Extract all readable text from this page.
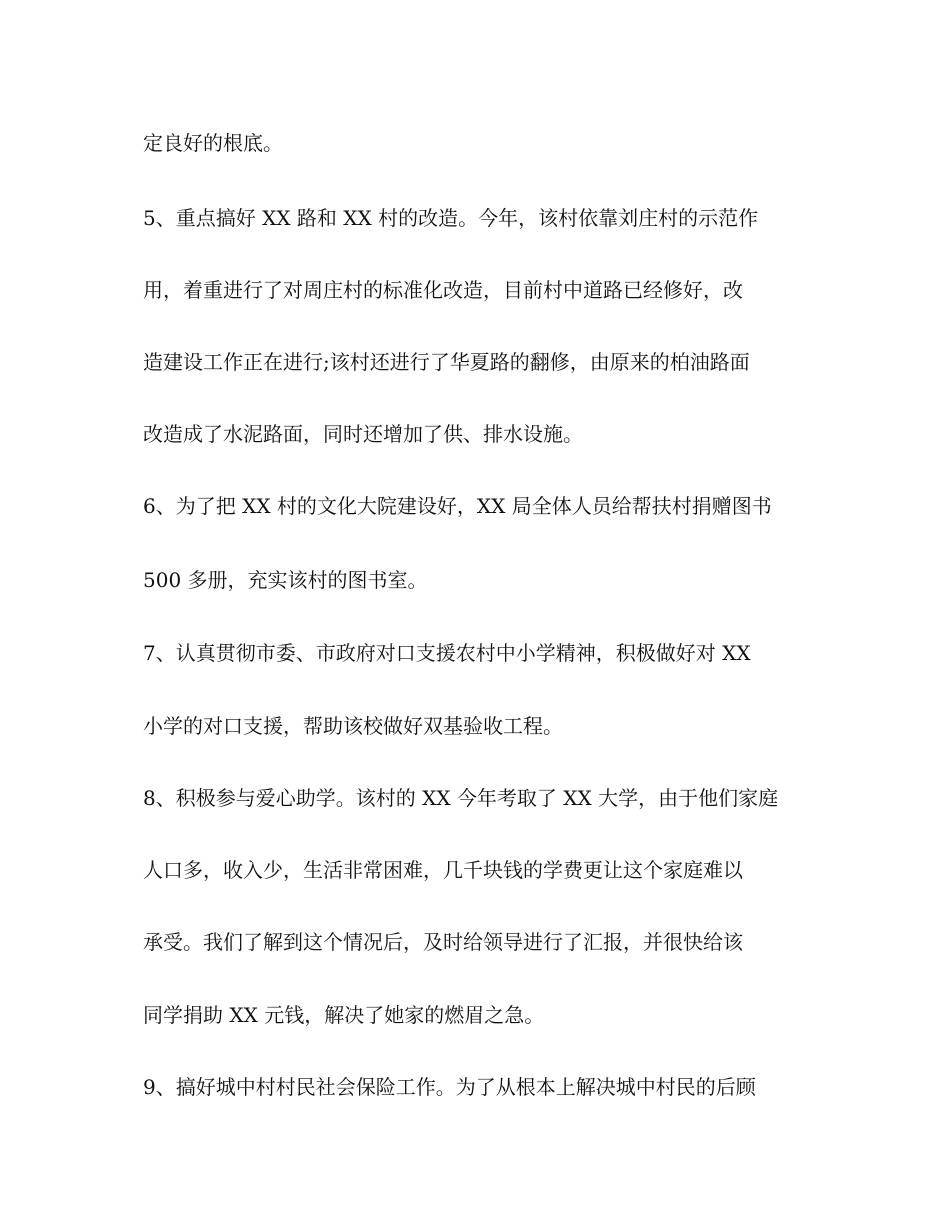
定良好的根底。
5、重点搞好 XX 路和 XX 村的改造。今年，该村依靠刘庄村的示范作
用，着重进行了对周庄村的标准化改造，目前村中道路已经修好，改
造建设工作正在进行;该村还进行了华夏路的翻修，由原来的柏油路面
改造成了水泥路面，同时还增加了供、排水设施。
6、为了把 XX 村的文化大院建设好，XX 局全体人员给帮扶村捐赠图书
500 多册，充实该村的图书室。
7、认真贯彻市委、市政府对口支援农村中小学精神，积极做好对 XX
小学的对口支援，帮助该校做好双基验收工程。
8、积极参与爱心助学。该村的 XX 今年考取了 XX 大学，由于他们家庭
人口多，收入少，生活非常困难，几千块钱的学费更让这个家庭难以
承受。我们了解到这个情况后，及时给领导进行了汇报，并很快给该
同学捐助 XX 元钱，解决了她家的燃眉之急。
9、搞好城中村村民社会保险工作。为了从根本上解决城中村民的后顾
